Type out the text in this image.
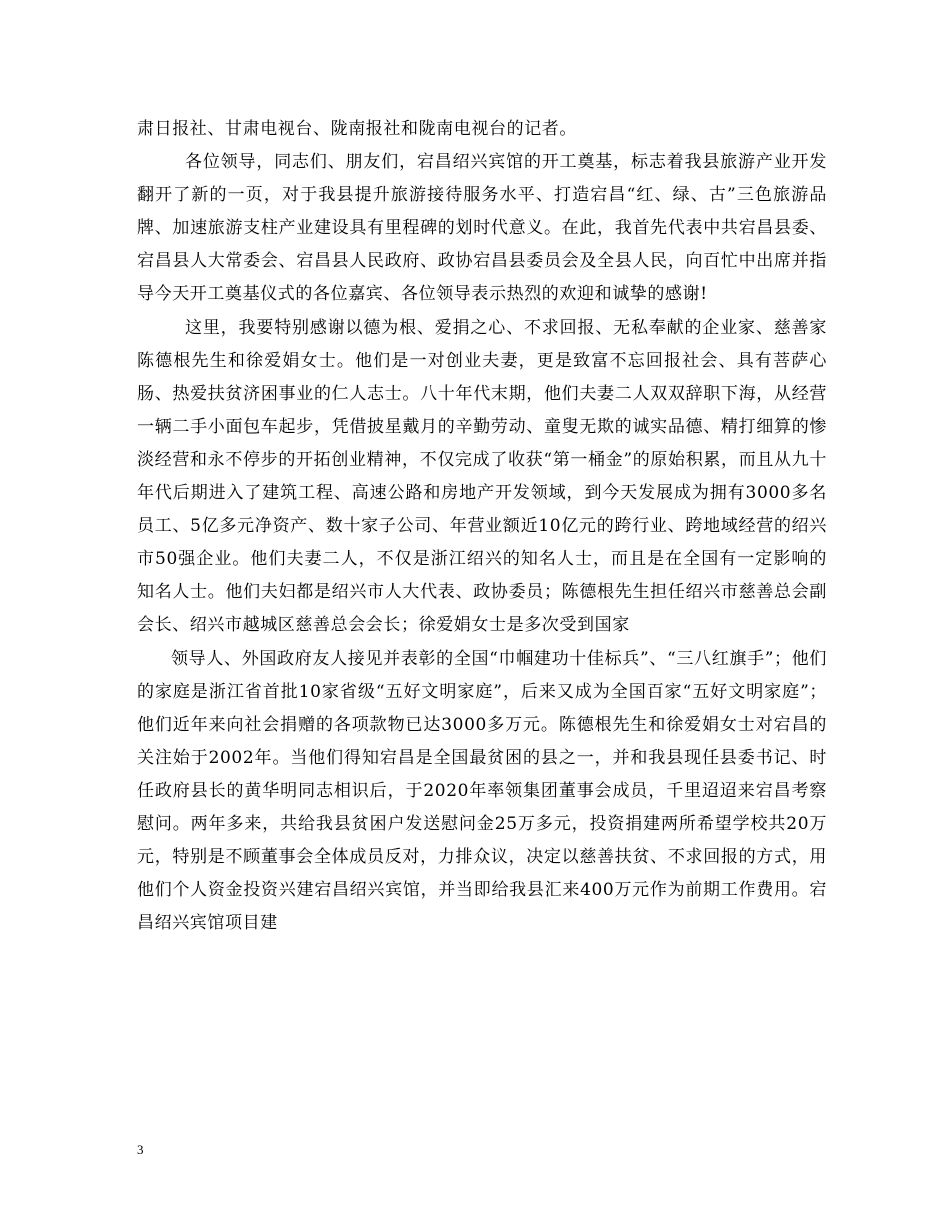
肃日报社、甘肃电视台、陇南报社和陇南电视台的记者。

各位领导，同志们、朋友们，宕昌绍兴宾馆的开工奠基，标志着我县旅游产业开发翻开了新的一页，对于我县提升旅游接待服务水平、打造宕昌“红、绿、古”三色旅游品牌、加速旅游支柱产业建设具有里程碑的划时代意义。在此，我首先代表中共宕昌县委、宕昌县人大常委会、宕昌县人民政府、政协宕昌县委员会及全县人民，向百忙中出席并指导今天开工奠基仪式的各位嘉宾、各位领导表示热烈的欢迎和诚挚的感谢!

这里，我要特别感谢以德为根、爱捐之心、不求回报、无私奉献的企业家、慈善家陈德根先生和徐爱娟女士。他们是一对创业夫妻，更是致富不忘回报社会、具有菩萨心肠、热爱扶贫济困事业的仁人志士。八十年代末期，他们夫妻二人双双辞职下海，从经营一辆二手小面包车起步，凭借披星戴月的辛勤劳动、童叟无欺的诚实品德、精打细算的惨淡经营和永不停步的开拓创业精神，不仅完成了收获“第一桶金”的原始积累，而且从九十年代后期进入了建筑工程、高速公路和房地产开发领域，到今天发展成为拥有3000多名员工、5亿多元净资产、数十家子公司、年营业额近10亿元的跨行业、跨地域经营的绍兴市50强企业。他们夫妻二人，不仅是浙江绍兴的知名人士，而且是在全国有一定影响的知名人士。他们夫妇都是绍兴市人大代表、政协委员；陈德根先生担任绍兴市慈善总会副会长、绍兴市越城区慈善总会会长；徐爱娟女士是多次受到国家

领导人、外国政府友人接见并表彰的全国“巾帼建功十佳标兵”、“三八红旗手”；他们的家庭是浙江省首批10家省级“五好文明家庭”，后来又成为全国百家“五好文明家庭”；他们近年来向社会捐赠的各项款物已达3000多万元。陈德根先生和徐爱娟女士对宕昌的关注始于2002年。当他们得知宕昌是全国最贫困的县之一，并和我县现任县委书记、时任政府县长的黄华明同志相识后，于2020年率领集团董事会成员，千里迢迢来宕昌考察慰问。两年多来，共给我县贫困户发送慰问金25万多元，投资捐建两所希望学校共20万元，特别是不顾董事会全体成员反对，力排众议，决定以慈善扶贫、不求回报的方式，用他们个人资金投资兴建宕昌绍兴宾馆，并当即给我县汇来400万元作为前期工作费用。宕昌绍兴宾馆项目建

3
